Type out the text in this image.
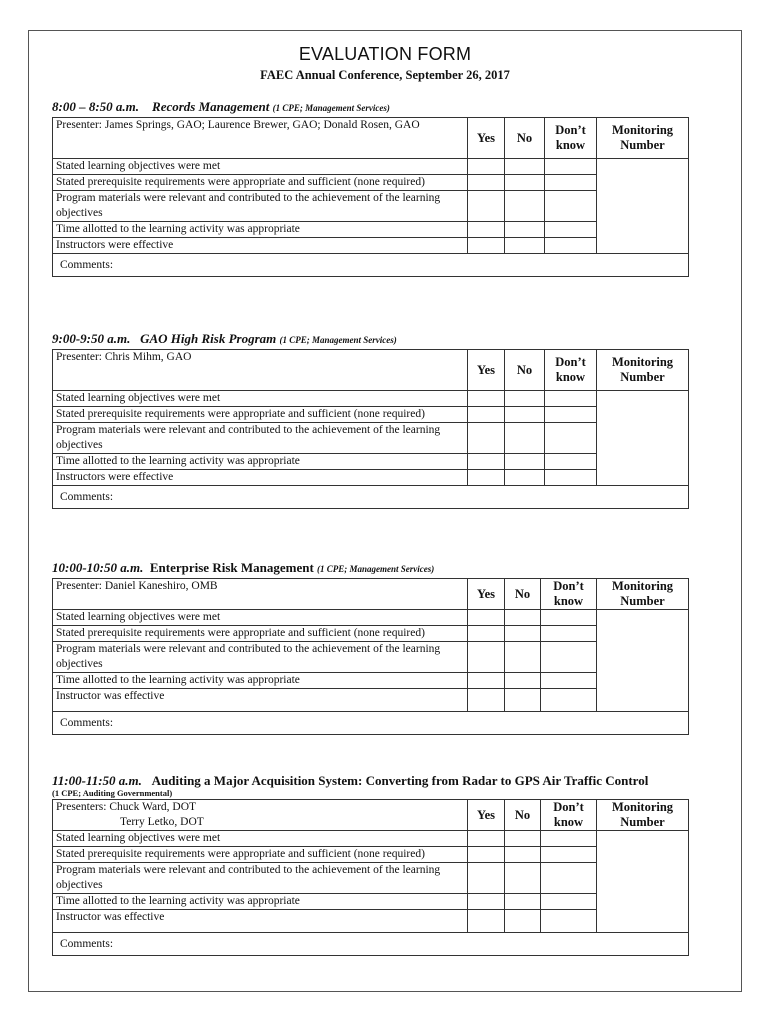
EVALUATION FORM
FAEC Annual Conference, September 26, 2017
8:00 – 8:50 a.m. Records Management (1 CPE; Management Services)
Presenter: James Springs, GAO; Laurence Brewer, GAO; Donald Rosen, GAO	Yes	No	Don’t know	Monitoring Number
Stated learning objectives were met				
Stated prerequisite requirements were appropriate and sufficient (none required)				
Program materials were relevant and contributed to the achievement of the learning objectives				
Time allotted to the learning activity was appropriate				
Instructors were effective				
Comments:				
9:00-9:50 a.m. GAO High Risk Program (1 CPE; Management Services)
Presenter: Chris Mihm, GAO	Yes	No	Don’t know	Monitoring Number
Stated learning objectives were met				
Stated prerequisite requirements were appropriate and sufficient (none required)				
Program materials were relevant and contributed to the achievement of the learning objectives				
Time allotted to the learning activity was appropriate				
Instructors were effective				
Comments:				
10:00-10:50 a.m. Enterprise Risk Management (1 CPE; Management Services)
Presenter: Daniel Kaneshiro, OMB	Yes	No	Don’t know	Monitoring Number
Stated learning objectives were met				
Stated prerequisite requirements were appropriate and sufficient (none required)				
Program materials were relevant and contributed to the achievement of the learning objectives				
Time allotted to the learning activity was appropriate				
Instructor was effective				
Comments:				
11:00-11:50 a.m. Auditing a Major Acquisition System: Converting from Radar to GPS Air Traffic Control
(1 CPE; Auditing Governmental)
Presenters: Chuck Ward, DOT
Terry Letko, DOT	Yes	No	Don’t know	Monitoring Number
Stated learning objectives were met				
Stated prerequisite requirements were appropriate and sufficient (none required)				
Program materials were relevant and contributed to the achievement of the learning objectives				
Time allotted to the learning activity was appropriate				
Instructor was effective				
Comments:				
